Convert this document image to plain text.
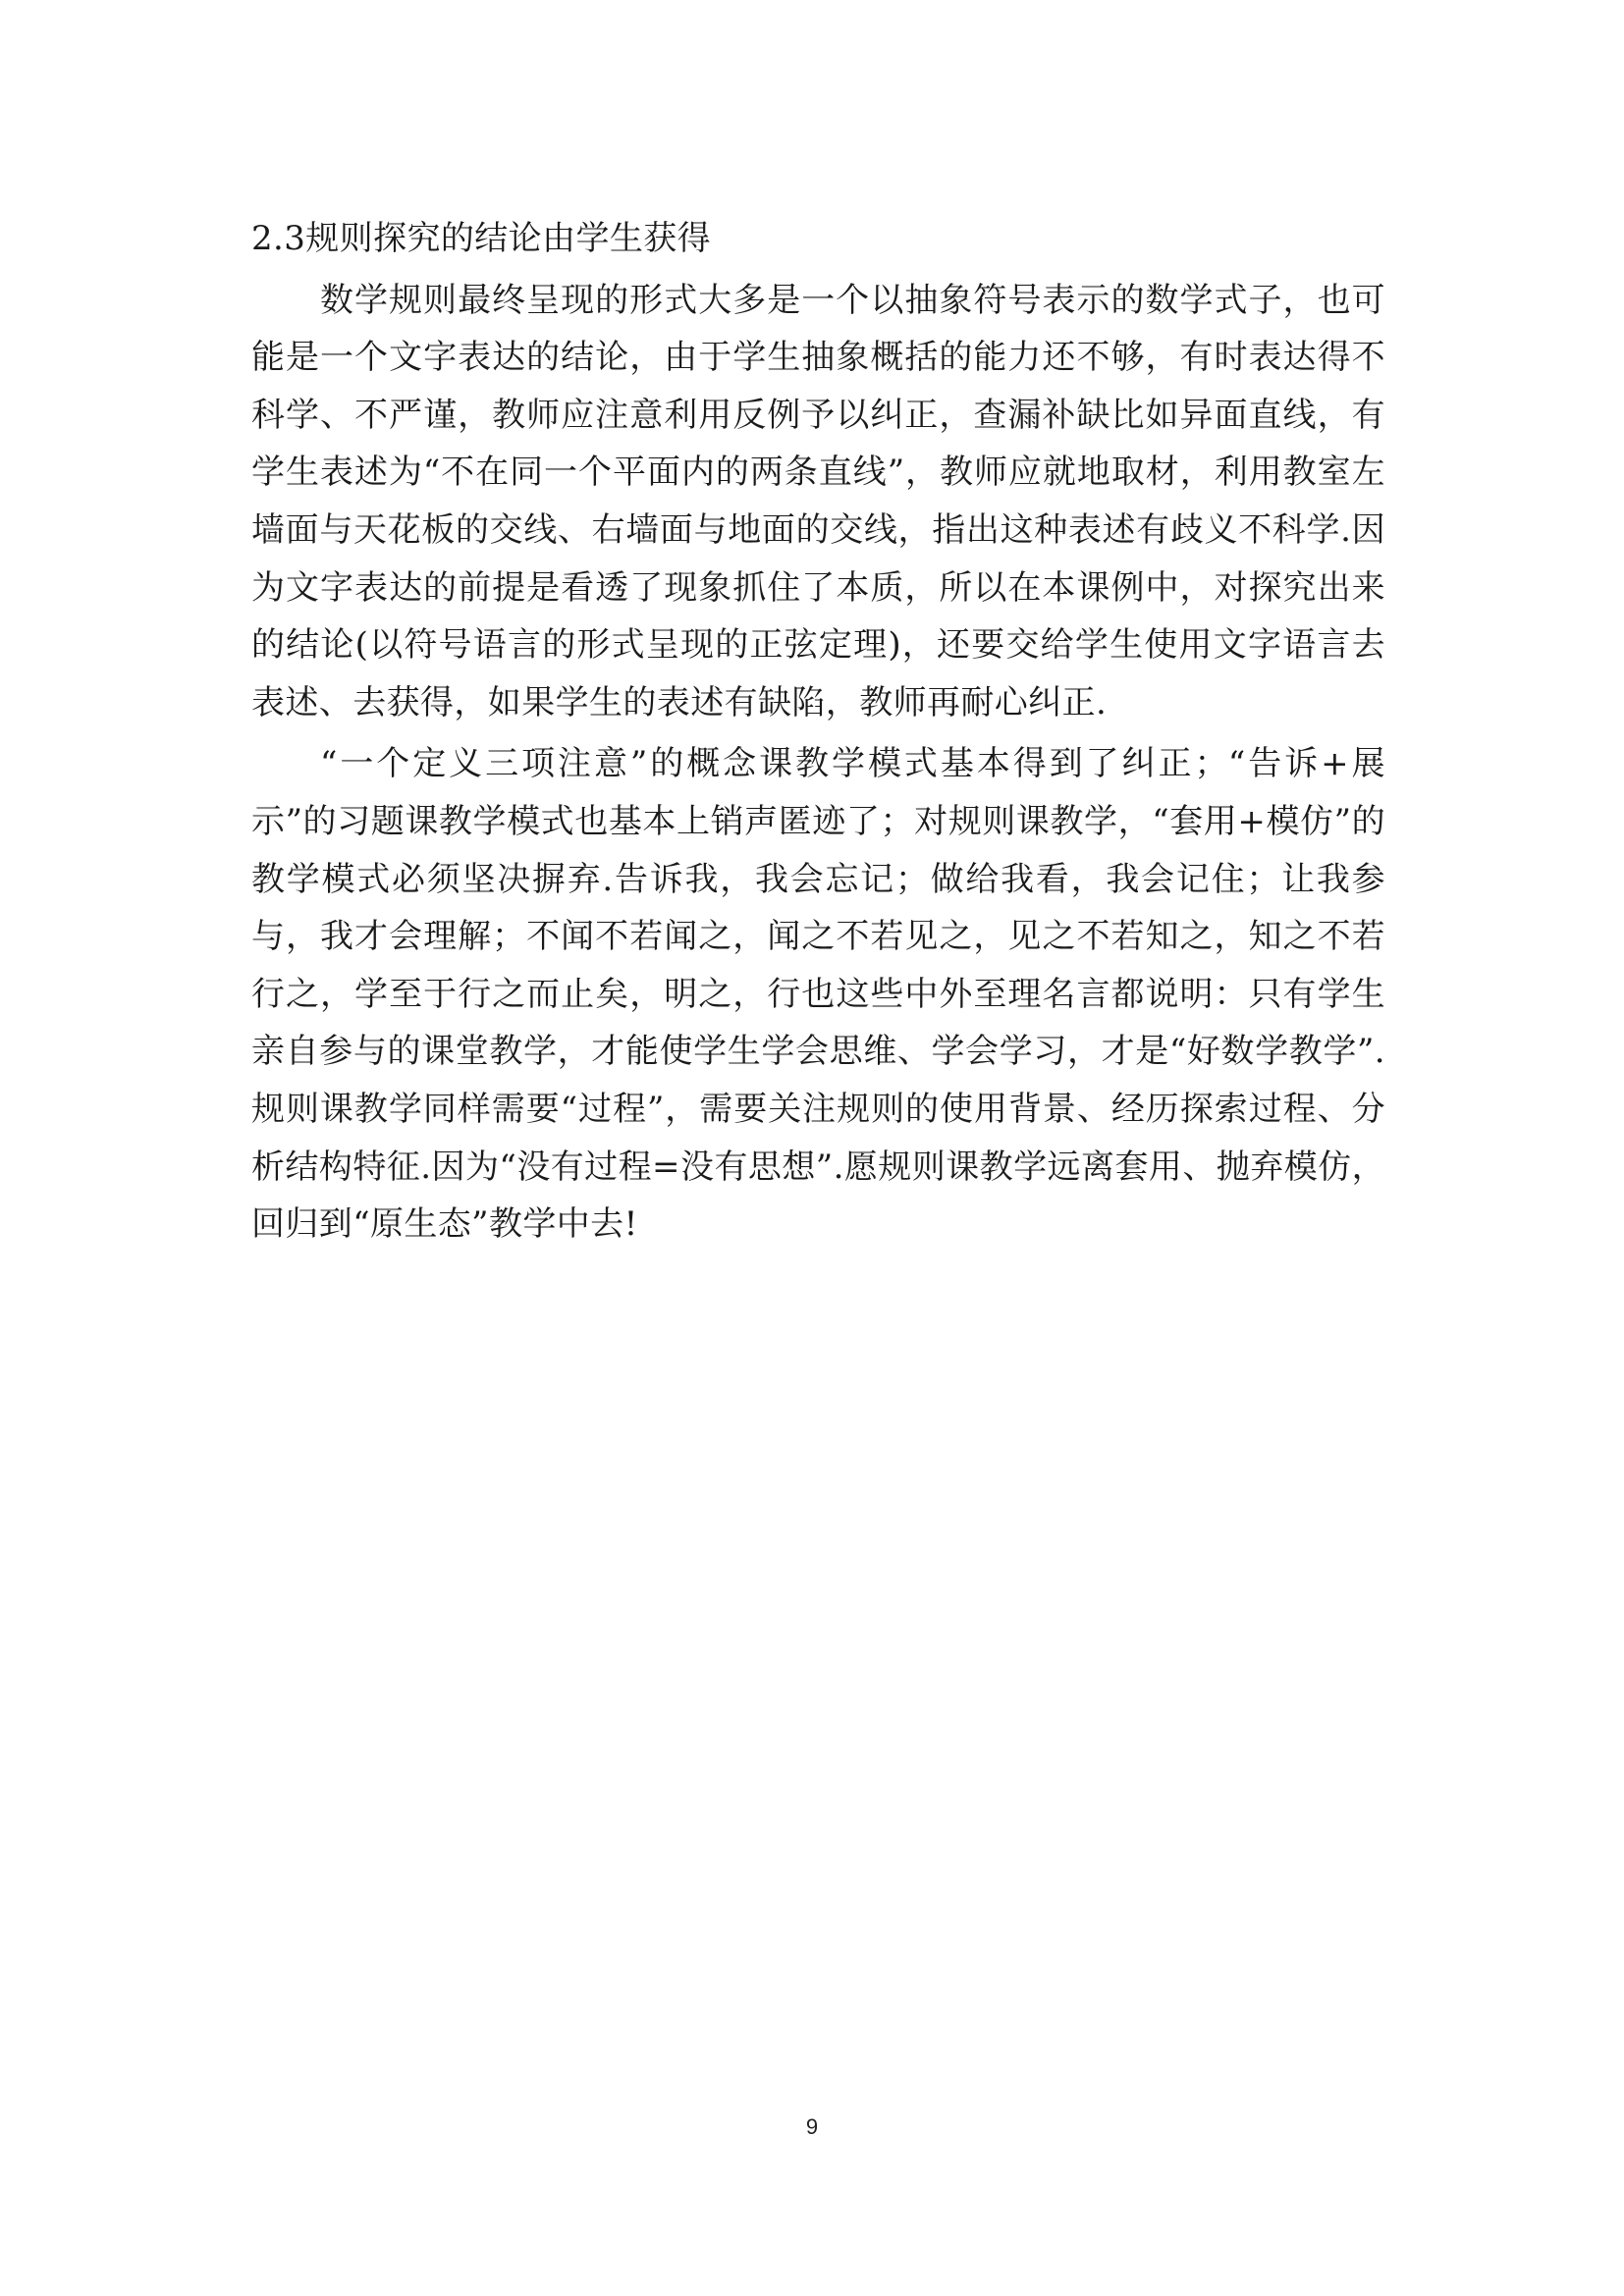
2.3规则探究的结论由学生获得

数学规则最终呈现的形式大多是一个以抽象符号表示的数学式子，也可能是一个文字表达的结论，由于学生抽象概括的能力还不够，有时表达得不科学、不严谨，教师应注意利用反例予以纠正，查漏补缺比如异面直线，有学生表述为“不在同一个平面内的两条直线”，教师应就地取材，利用教室左墙面与天花板的交线、右墙面与地面的交线，指出这种表述有歧义不科学.因为文字表达的前提是看透了现象抓住了本质，所以在本课例中，对探究出来的结论(以符号语言的形式呈现的正弦定理)，还要交给学生使用文字语言去表述、去获得，如果学生的表述有缺陷，教师再耐心纠正.

“一个定义三项注意”的概念课教学模式基本得到了纠正；“告诉+展示”的习题课教学模式也基本上销声匿迹了；对规则课教学，“套用+模仿”的教学模式必须坚决摒弃.告诉我，我会忘记；做给我看，我会记住；让我参与，我才会理解；不闻不若闻之，闻之不若见之，见之不若知之，知之不若行之，学至于行之而止矣，明之，行也这些中外至理名言都说明：只有学生亲自参与的课堂教学，才能使学生学会思维、学会学习，才是“好数学教学”.规则课教学同样需要“过程”，需要关注规则的使用背景、经历探索过程、分析结构特征.因为“没有过程=没有思想”.愿规则课教学远离套用、抛弃模仿，回归到“原生态”教学中去!

9
